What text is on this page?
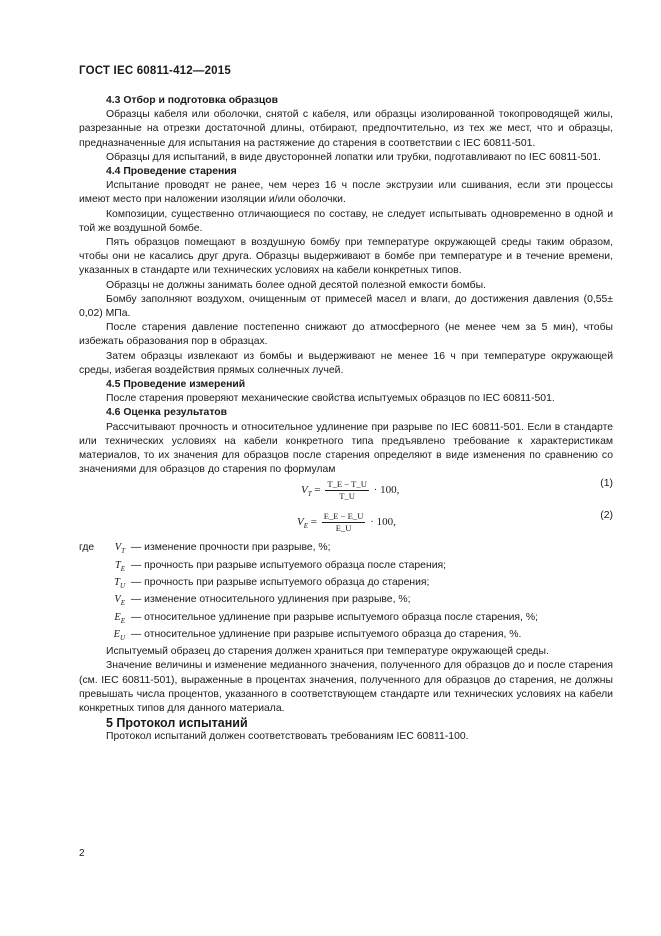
ГОСТ IEC 60811-412—2015

4.3 Отбор и подготовка образцов

Образцы кабеля или оболочки, снятой с кабеля, или образцы изолированной токопроводящей жилы, разрезанные на отрезки достаточной длины, отбирают, предпочтительно, из тех же мест, что и образцы, предназначенные для испытания на растяжение до старения в соответствии с IEC 60811-501.

Образцы для испытаний, в виде двусторонней лопатки или трубки, подготавливают по IEC 60811-501.

4.4 Проведение старения

Испытание проводят не ранее, чем через 16 ч после экструзии или сшивания, если эти процессы имеют место при наложении изоляции и/или оболочки.

Композиции, существенно отличающиеся по составу, не следует испытывать одновременно в одной и той же воздушной бомбе.

Пять образцов помещают в воздушную бомбу при температуре окружающей среды таким образом, чтобы они не касались друг друга. Образцы выдерживают в бомбе при температуре и в течение времени, указанных в стандарте или технических условиях на кабели конкретных типов.

Образцы не должны занимать более одной десятой полезной емкости бомбы.

Бомбу заполняют воздухом, очищенным от примесей масел и влаги, до достижения давления (0,55± 0,02) МПа.

После старения давление постепенно снижают до атмосферного (не менее чем за 5 мин), чтобы избежать образования пор в образцах.

Затем образцы извлекают из бомбы и выдерживают не менее 16 ч при температуре окружающей среды, избегая воздействия прямых солнечных лучей.

4.5 Проведение измерений

После старения проверяют механические свойства испытуемых образцов по IEC 60811-501.

4.6 Оценка результатов

Рассчитывают прочность и относительное удлинение при разрыве по IEC 60811-501. Если в стандарте или технических условиях на кабели конкретного типа предъявлено требование к характеристикам материалов, то их значения для образцов после старения определяют в виде изменения по сравнению со значениями для образцов до старения по формулам

$V_T = \frac{T\_E - T\_U}{T\_U} \cdot 100$,
(1)
$V_E = \frac{E\_E - E\_U}{E\_U} \cdot 100$,
(2)

где $V_T$ — изменение прочности при разрыве, %;

$T_E$ — прочность при разрыве испытуемого образца после старения;

$T_U$ — прочность при разрыве испытуемого образца до старения;

$V_E$ — изменение относительного удлинения при разрыве, %;

$E_E$ — относительное удлинение при разрыве испытуемого образца после старения, %;

$E_U$ — относительное удлинение при разрыве испытуемого образца до старения, %.

Испытуемый образец до старения должен храниться при температуре окружающей среды.

Значение величины и изменение медианного значения, полученного для образцов до и после старения (см. IEC 60811-501), выраженные в процентах значения, полученного для образцов до старения, не должны превышать числа процентов, указанного в соответствующем стандарте или технических условиях на кабели конкретных типов для данного материала.

5 Протокол испытаний

Протокол испытаний должен соответствовать требованиям IEC 60811-100.

2
